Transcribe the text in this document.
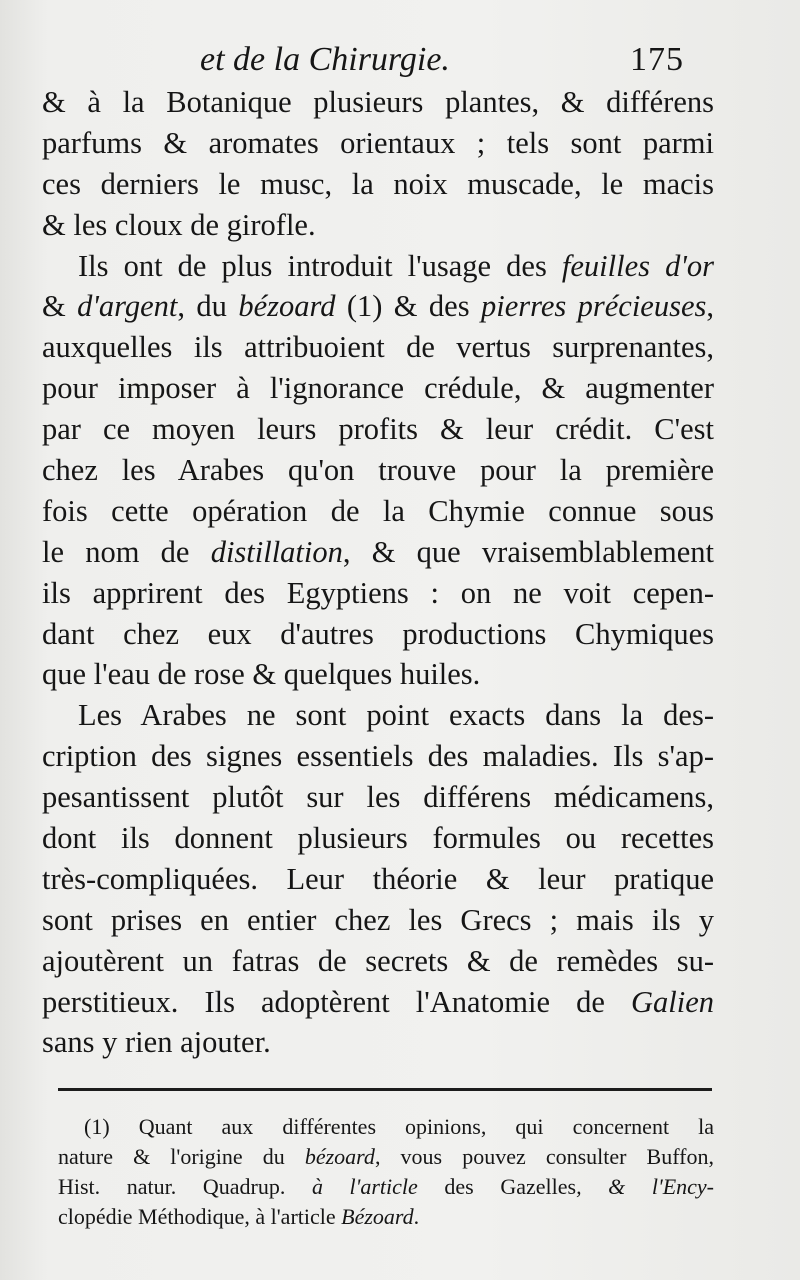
et de la Chirurgie.	175
& à la Botanique plusieurs plantes, & différens
parfums & aromates orientaux ; tels sont parmi
ces derniers le musc, la noix muscade, le macis
& les cloux de girofle.
Ils ont de plus introduit l'usage des feuilles d'or
& d'argent, du bézoard (1) & des pierres précieuses,
auxquelles ils attribuoient de vertus surprenantes,
pour imposer à l'ignorance crédule, & augmenter
par ce moyen leurs profits & leur crédit. C'est
chez les Arabes qu'on trouve pour la première
fois cette opération de la Chymie connue sous
le nom de distillation, & que vraisemblablement
ils apprirent des Egyptiens : on ne voit cepen-
dant chez eux d'autres productions Chymiques
que l'eau de rose & quelques huiles.
Les Arabes ne sont point exacts dans la des-
cription des signes essentiels des maladies. Ils s'ap-
pesantissent plutôt sur les différens médicamens,
dont ils donnent plusieurs formules ou recettes
très-compliquées. Leur théorie & leur pratique
sont prises en entier chez les Grecs ; mais ils y
ajoutèrent un fatras de secrets & de remèdes su-
perstitieux. Ils adoptèrent l'Anatomie de Galien
sans y rien ajouter.
(1) Quant aux différentes opinions, qui concernent la
nature & l'origine du bézoard, vous pouvez consulter Buffon,
Hist. natur. Quadrup. à l'article des Gazelles, & l'Ency-
clopédie Méthodique, à l'article Bézoard.
